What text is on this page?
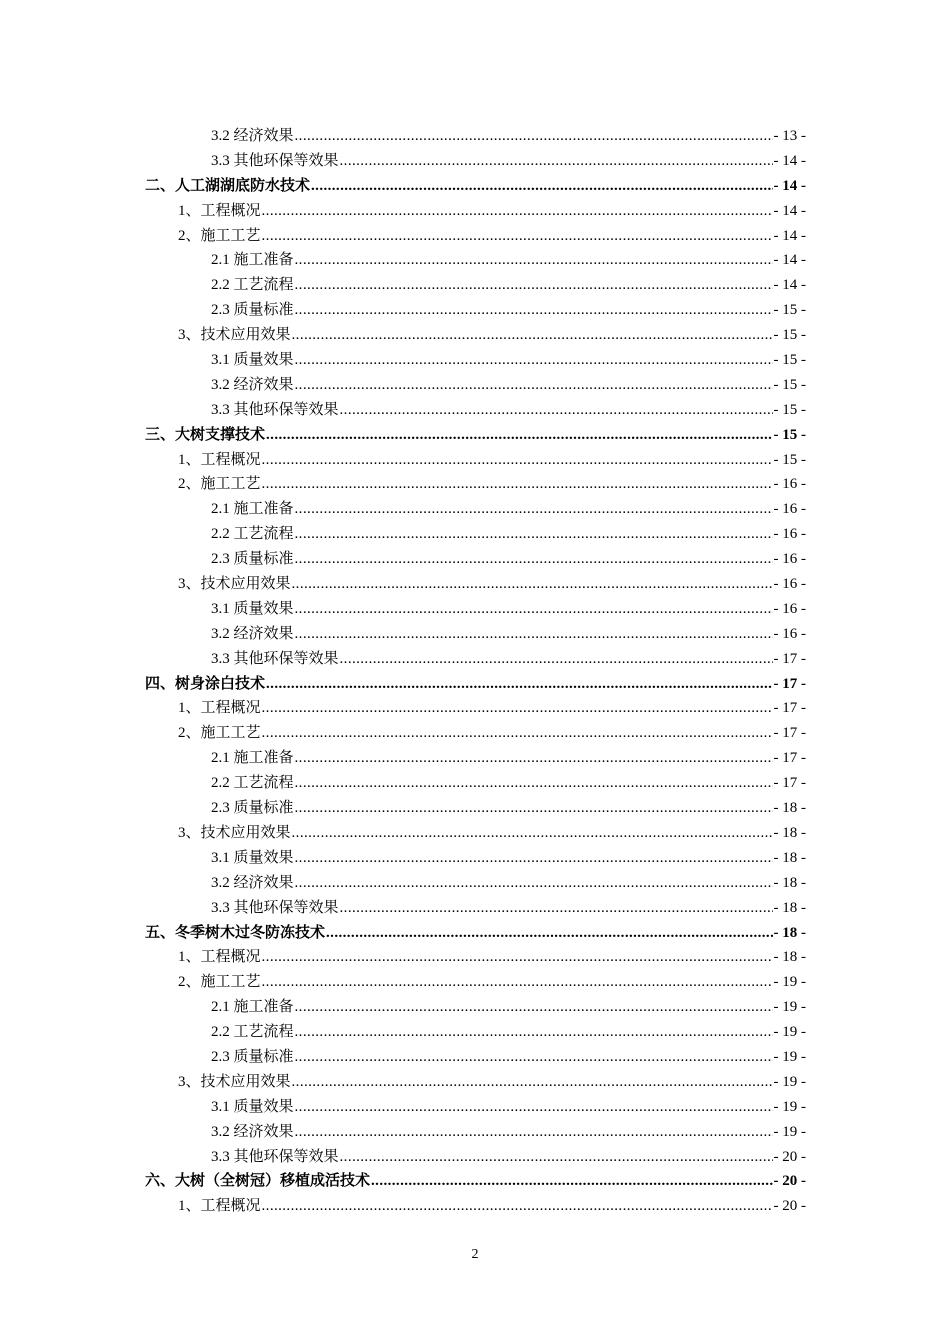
3.2 经济效果 .....	- 13 -
3.3 其他环保等效果 .....	- 14 -
二、人工湖湖底防水技术 .....	- 14 -
1、工程概况 .....	- 14 -
2、施工工艺 .....	- 14 -
2.1 施工准备 .....	- 14 -
2.2 工艺流程 .....	- 14 -
2.3 质量标准 .....	- 15 -
3、技术应用效果 .....	- 15 -
3.1 质量效果 .....	- 15 -
3.2 经济效果 .....	- 15 -
3.3 其他环保等效果 .....	- 15 -
三、大树支撑技术 .....	- 15 -
1、工程概况 .....	- 15 -
2、施工工艺 .....	- 16 -
2.1 施工准备 .....	- 16 -
2.2 工艺流程 .....	- 16 -
2.3 质量标准 .....	- 16 -
3、技术应用效果 .....	- 16 -
3.1 质量效果 .....	- 16 -
3.2 经济效果 .....	- 16 -
3.3 其他环保等效果 .....	- 17 -
四、树身涂白技术 .....	- 17 -
1、工程概况 .....	- 17 -
2、施工工艺 .....	- 17 -
2.1 施工准备 .....	- 17 -
2.2 工艺流程 .....	- 17 -
2.3 质量标准 .....	- 18 -
3、技术应用效果 .....	- 18 -
3.1 质量效果 .....	- 18 -
3.2 经济效果 .....	- 18 -
3.3 其他环保等效果 .....	- 18 -
五、冬季树木过冬防冻技术 .....	- 18 -
1、工程概况 .....	- 18 -
2、施工工艺 .....	- 19 -
2.1 施工准备 .....	- 19 -
2.2 工艺流程 .....	- 19 -
2.3 质量标准 .....	- 19 -
3、技术应用效果 .....	- 19 -
3.1 质量效果 .....	- 19 -
3.2 经济效果 .....	- 19 -
3.3 其他环保等效果 .....	- 20 -
六、大树（全树冠）移植成活技术 .....	- 20 -
1、工程概况 .....	- 20 -
2
